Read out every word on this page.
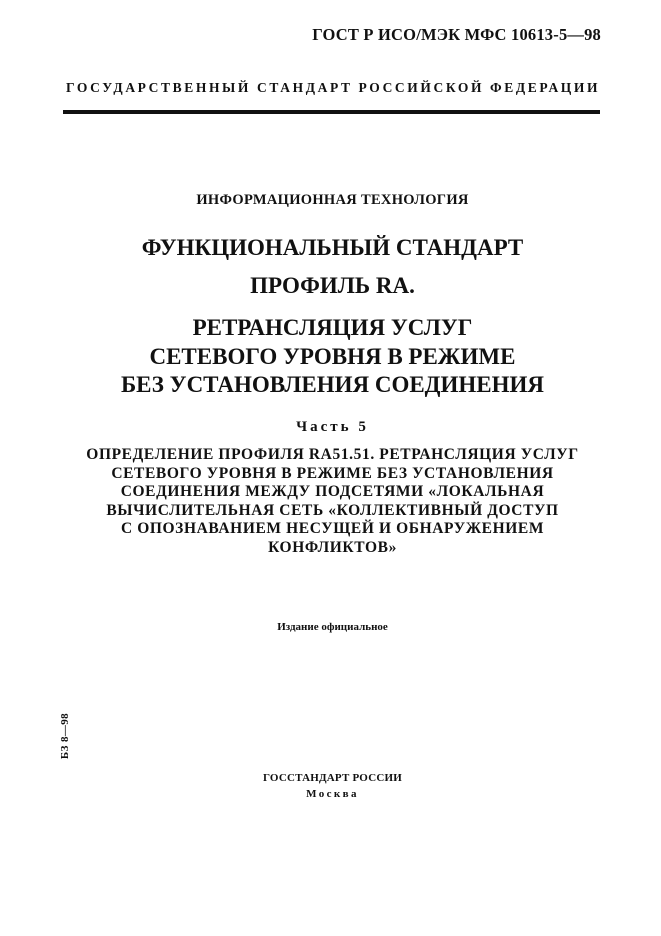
ГОСТ Р ИСО/МЭК МФС 10613-5—98
ГОСУДАРСТВЕННЫЙ СТАНДАРТ РОССИЙСКОЙ ФЕДЕРАЦИИ
ИНФОРМАЦИОННАЯ ТЕХНОЛОГИЯ
ФУНКЦИОНАЛЬНЫЙ СТАНДАРТ
ПРОФИЛЬ RA.
РЕТРАНСЛЯЦИЯ УСЛУГ
СЕТЕВОГО УРОВНЯ В РЕЖИМЕ
БЕЗ УСТАНОВЛЕНИЯ СОЕДИНЕНИЯ
Часть 5
ОПРЕДЕЛЕНИЕ ПРОФИЛЯ RA51.51. РЕТРАНСЛЯЦИЯ УСЛУГ
СЕТЕВОГО УРОВНЯ В РЕЖИМЕ БЕЗ УСТАНОВЛЕНИЯ
СОЕДИНЕНИЯ МЕЖДУ ПОДСЕТЯМИ «ЛОКАЛЬНАЯ
ВЫЧИСЛИТЕЛЬНАЯ СЕТЬ «КОЛЛЕКТИВНЫЙ ДОСТУП
С ОПОЗНАВАНИЕМ НЕСУЩЕЙ И ОБНАРУЖЕНИЕМ
КОНФЛИКТОВ»
Издание официальное
БЗ 8—98
ГОССТАНДАРТ РОССИИ
Москва
